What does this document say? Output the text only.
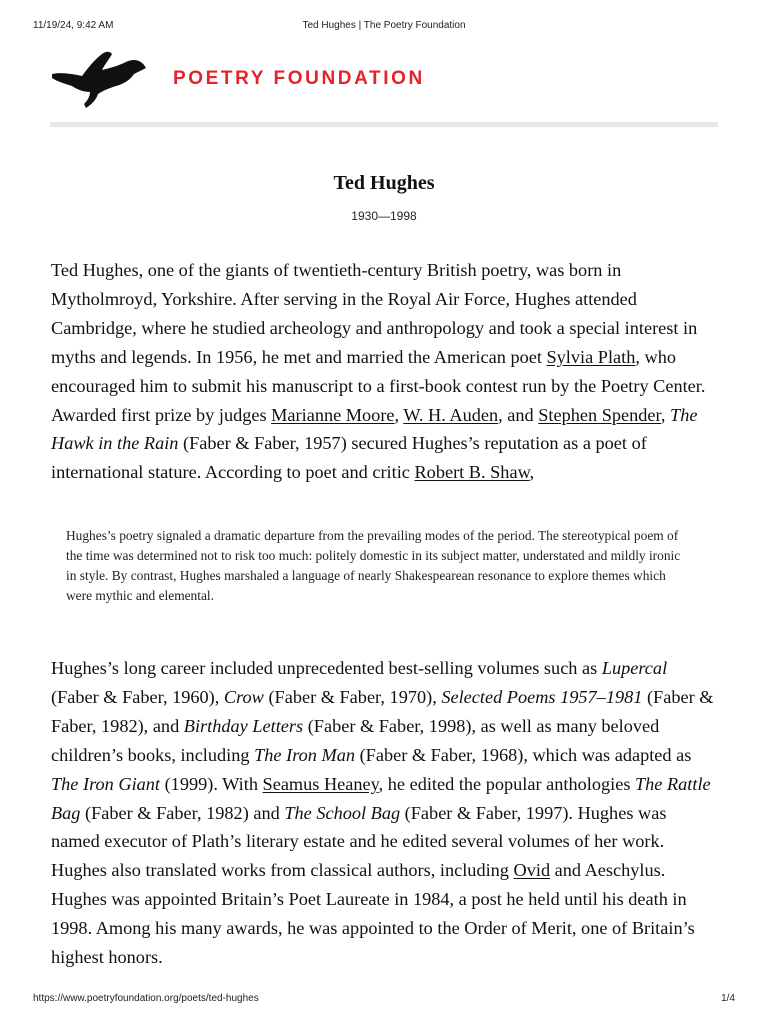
11/19/24, 9:42 AM	Ted Hughes | The Poetry Foundation
POETRY FOUNDATION
Ted Hughes
1930—1998

Ted Hughes, one of the giants of twentieth-century British poetry, was born in Mytholmroyd, Yorkshire. After serving in the Royal Air Force, Hughes attended Cambridge, where he studied archeology and anthropology and took a special interest in myths and legends. In 1956, he met and married the American poet Sylvia Plath, who encouraged him to submit his manuscript to a first-book contest run by the Poetry Center. Awarded first prize by judges Marianne Moore, W. H. Auden, and Stephen Spender, The Hawk in the Rain (Faber & Faber, 1957) secured Hughes’s reputation as a poet of international stature. According to poet and critic Robert B. Shaw,

Hughes’s poetry signaled a dramatic departure from the prevailing modes of the period. The stereotypical poem of the time was determined not to risk too much: politely domestic in its subject matter, understated and mildly ironic in style. By contrast, Hughes marshaled a language of nearly Shakespearean resonance to explore themes which were mythic and elemental.

Hughes’s long career included unprecedented best-selling volumes such as Lupercal (Faber & Faber, 1960), Crow (Faber & Faber, 1970), Selected Poems 1957–1981 (Faber & Faber, 1982), and Birthday Letters (Faber & Faber, 1998), as well as many beloved children’s books, including The Iron Man (Faber & Faber, 1968), which was adapted as The Iron Giant (1999). With Seamus Heaney, he edited the popular anthologies The Rattle Bag (Faber & Faber, 1982) and The School Bag (Faber & Faber, 1997). Hughes was named executor of Plath’s literary estate and he edited several volumes of her work. Hughes also translated works from classical authors, including Ovid and Aeschylus. Hughes was appointed Britain’s Poet Laureate in 1984, a post he held until his death in 1998. Among his many awards, he was appointed to the Order of Merit, one of Britain’s highest honors.

https://www.poetryfoundation.org/poets/ted-hughes	1/4
